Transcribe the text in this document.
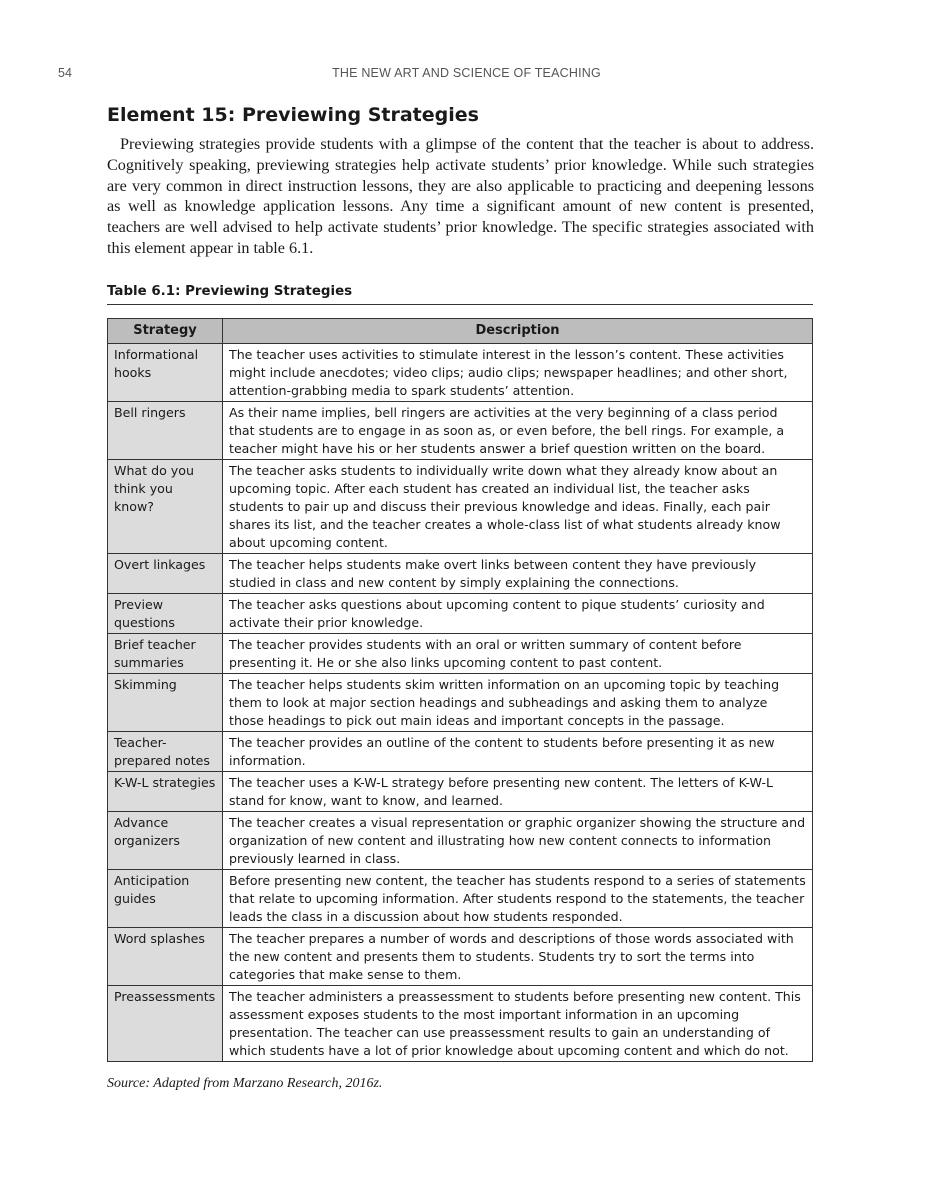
54	THE NEW ART AND SCIENCE OF TEACHING
Element 15: Previewing Strategies

Previewing strategies provide students with a glimpse of the content that the teacher is about to address. Cognitively speaking, previewing strategies help activate students’ prior knowledge. While such strategies are very common in direct instruction lessons, they are also applicable to practicing and deepening lessons as well as knowledge application lessons. Any time a significant amount of new content is presented, teachers are well advised to help activate students’ prior knowledge. The specific strategies associated with this element appear in table 6.1.

Table 6.1: Previewing Strategies

Strategy	Description
Informational hooks	The teacher uses activities to stimulate interest in the lesson’s content. These activities might include anecdotes; video clips; audio clips; newspaper headlines; and other short, attention-grabbing media to spark students’ attention.
Bell ringers	As their name implies, bell ringers are activities at the very beginning of a class period that students are to engage in as soon as, or even before, the bell rings. For example, a teacher might have his or her students answer a brief question written on the board.
What do you think you know?	The teacher asks students to individually write down what they already know about an upcoming topic. After each student has created an individual list, the teacher asks students to pair up and discuss their previous knowledge and ideas. Finally, each pair shares its list, and the teacher creates a whole-class list of what students already know about upcoming content.
Overt linkages	The teacher helps students make overt links between content they have previously studied in class and new content by simply explaining the connections.
Preview questions	The teacher asks questions about upcoming content to pique students’ curiosity and activate their prior knowledge.
Brief teacher summaries	The teacher provides students with an oral or written summary of content before presenting it. He or she also links upcoming content to past content.
Skimming	The teacher helps students skim written information on an upcoming topic by teaching them to look at major section headings and subheadings and asking them to analyze those headings to pick out main ideas and important concepts in the passage.
Teacher-prepared notes	The teacher provides an outline of the content to students before presenting it as new information.
K-W-L strategies	The teacher uses a K-W-L strategy before presenting new content. The letters of K-W-L stand for know, want to know, and learned.
Advance organizers	The teacher creates a visual representation or graphic organizer showing the structure and organization of new content and illustrating how new content connects to information previously learned in class.
Anticipation guides	Before presenting new content, the teacher has students respond to a series of statements that relate to upcoming information. After students respond to the statements, the teacher leads the class in a discussion about how students responded.
Word splashes	The teacher prepares a number of words and descriptions of those words associated with the new content and presents them to students. Students try to sort the terms into categories that make sense to them.
Preassessments	The teacher administers a preassessment to students before presenting new content. This assessment exposes students to the most important information in an upcoming presentation. The teacher can use preassessment results to gain an understanding of which students have a lot of prior knowledge about upcoming content and which do not.

Source: Adapted from Marzano Research, 2016z.
